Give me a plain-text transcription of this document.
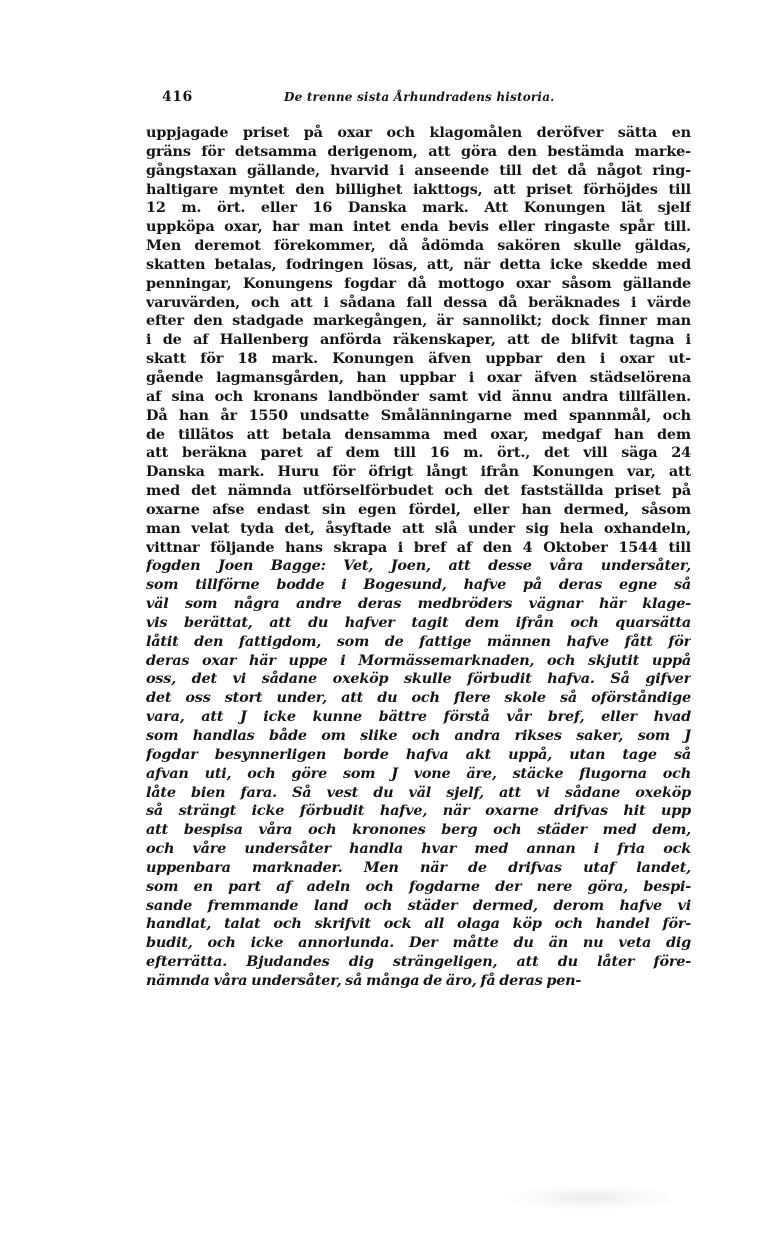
416	De trenne sista Århundradens historia.
uppjagade priset på oxar och klagomålen deröfver sätta en
gräns för detsamma derigenom, att göra den bestämda marke-
gångstaxan gällande, hvarvid i anseende till det då något ring-
haltigare myntet den billighet iakttogs, att priset förhöjdes till
12 m. ört. eller 16 Danska mark. Att Konungen lät sjelf
uppköpa oxar, har man intet enda bevis eller ringaste spår till.
Men deremot förekommer, då ådömda sakören skulle gäldas,
skatten betalas, fodringen lösas, att, när detta icke skedde med
penningar, Konungens fogdar då mottogo oxar såsom gällande
varuvärden, och att i sådana fall dessa då beräknades i värde
efter den stadgade markegången, är sannolikt; dock finner man
i de af Hallenberg anförda räkenskaper, att de blifvit tagna i
skatt för 18 mark. Konungen äfven uppbar den i oxar ut-
gående lagmansgården, han uppbar i oxar äfven städselörena
af sina och kronans landbönder samt vid ännu andra tillfällen.
Då han år 1550 undsatte Smålänningarne med spannmål, och
de tillätos att betala densamma med oxar, medgaf han dem
att beräkna paret af dem till 16 m. ört., det vill säga 24
Danska mark. Huru för öfrigt långt ifrån Konungen var, att
med det nämnda utförselförbudet och det fastställda priset på
oxarne afse endast sin egen fördel, eller han dermed, såsom
man velat tyda det, åsyftade att slå under sig hela oxhandeln,
vittnar följande hans skrapa i bref af den 4 Oktober 1544 till
fogden Joen Bagge: Vet, Joen, att desse våra undersåter,
som tillförne bodde i Bogesund, hafve på deras egne så
väl som några andre deras medbröders vägnar här klage-
vis berättat, att du hafver tagit dem ifrån och quarsätta
låtit den fattigdom, som de fattige männen hafve fått för
deras oxar här uppe i Mormässemarknaden, och skjutit uppå
oss, det vi sådane oxeköp skulle förbudit hafva. Så gifver
det oss stort under, att du och flere skole så oförståndige
vara, att J icke kunne bättre förstå vår bref, eller hvad
som handlas både om slike och andra rikses saker, som J
fogdar besynnerligen borde hafva akt uppå, utan tage så
afvan uti, och göre som J vone äre, stäcke flugorna och
låte bien fara. Så vest du väl sjelf, att vi sådane oxeköp
så strängt icke förbudit hafve, när oxarne drifvas hit upp
att bespisa våra och kronones berg och städer med dem,
och våre undersåter handla hvar med annan i fria ock
uppenbara marknader. Men när de drifvas utaf landet,
som en part af adeln och fogdarne der nere göra, bespi-
sande fremmande land och städer dermed, derom hafve vi
handlat, talat och skrifvit ock all olaga köp och handel för-
budit, och icke annorlunda. Der måtte du än nu veta dig
efterrätta. Bjudandes dig strängeligen, att du låter före-
nämnda våra undersåter, så många de äro, få deras pen-
